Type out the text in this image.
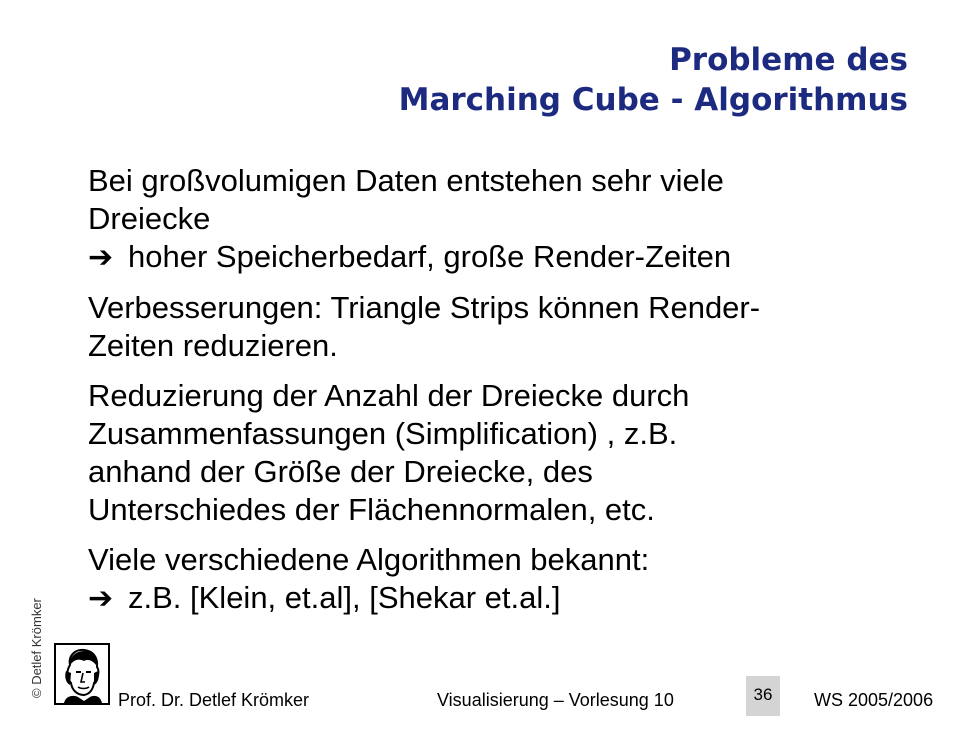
Probleme des
Marching Cube - Algorithmus
Bei großvolumigen Daten entstehen sehr viele
Dreiecke
➔ hoher Speicherbedarf, große Render-Zeiten
Verbesserungen: Triangle Strips können Render-
Zeiten reduzieren.
Reduzierung der Anzahl der Dreiecke durch
Zusammenfassungen (Simplification) , z.B.
anhand der Größe der Dreiecke, des
Unterschiedes der Flächennormalen, etc.
Viele verschiedene Algorithmen bekannt:
➔ z.B. [Klein, et.al], [Shekar et.al.]
© Detlef Krömker
Prof. Dr. Detlef Krömker	Visualisierung – Vorlesung 10	36	WS 2005/2006
